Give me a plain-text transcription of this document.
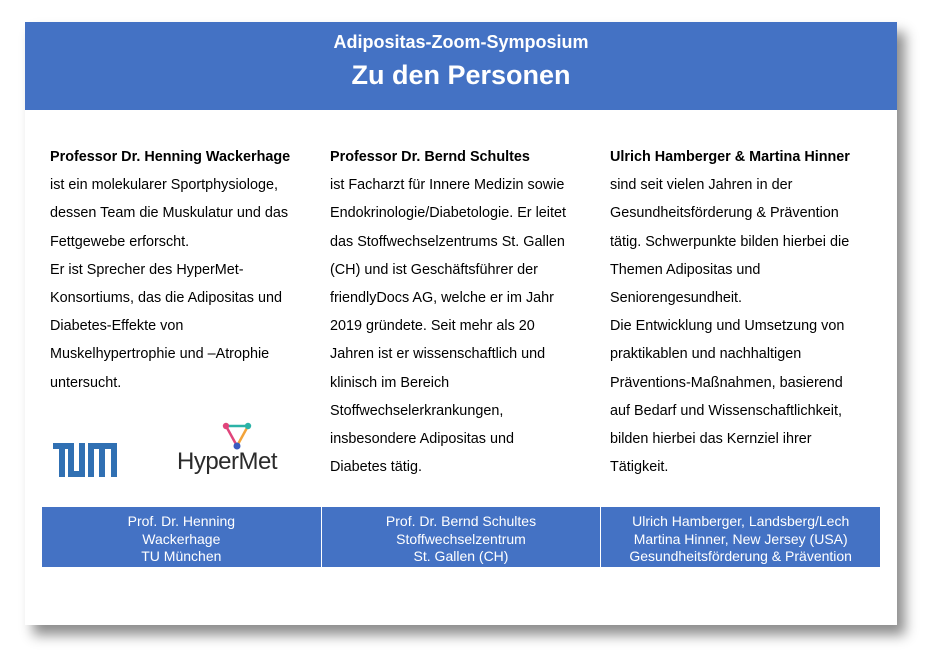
Adipositas-Zoom-Symposium
Zu den Personen
Professor Dr. Henning Wackerhage
ist ein molekularer Sportphysiologe,
dessen Team die Muskulatur und das
Fettgewebe erforscht.
Er ist Sprecher des HyperMet-
Konsortiums, das die Adipositas und
Diabetes-Effekte von
Muskelhypertrophie und –Atrophie
untersucht.
Professor Dr. Bernd Schultes
ist Facharzt für Innere Medizin sowie
Endokrinologie/Diabetologie. Er leitet
das Stoffwechselzentrums St. Gallen
(CH) und ist Geschäftsführer der
friendlyDocs AG, welche er im Jahr
2019 gründete. Seit mehr als 20
Jahren ist er wissenschaftlich und
klinisch im Bereich
Stoffwechselerkrankungen,
insbesondere Adipositas und
Diabetes tätig.
Ulrich Hamberger & Martina Hinner
sind seit vielen Jahren in der
Gesundheitsförderung & Prävention
tätig. Schwerpunkte bilden hierbei die
Themen Adipositas und
Seniorengesundheit.
Die Entwicklung und Umsetzung von
praktikablen und nachhaltigen
Präventions-Maßnahmen, basierend
auf Bedarf und Wissenschaftlichkeit,
bilden hierbei das Kernziel ihrer
Tätigkeit.
HyperMet
Prof. Dr. Henning
Wackerhage
TU München
Prof. Dr. Bernd Schultes
Stoffwechselzentrum
St. Gallen (CH)
Ulrich Hamberger, Landsberg/Lech
Martina Hinner, New Jersey (USA)
Gesundheitsförderung & Prävention
